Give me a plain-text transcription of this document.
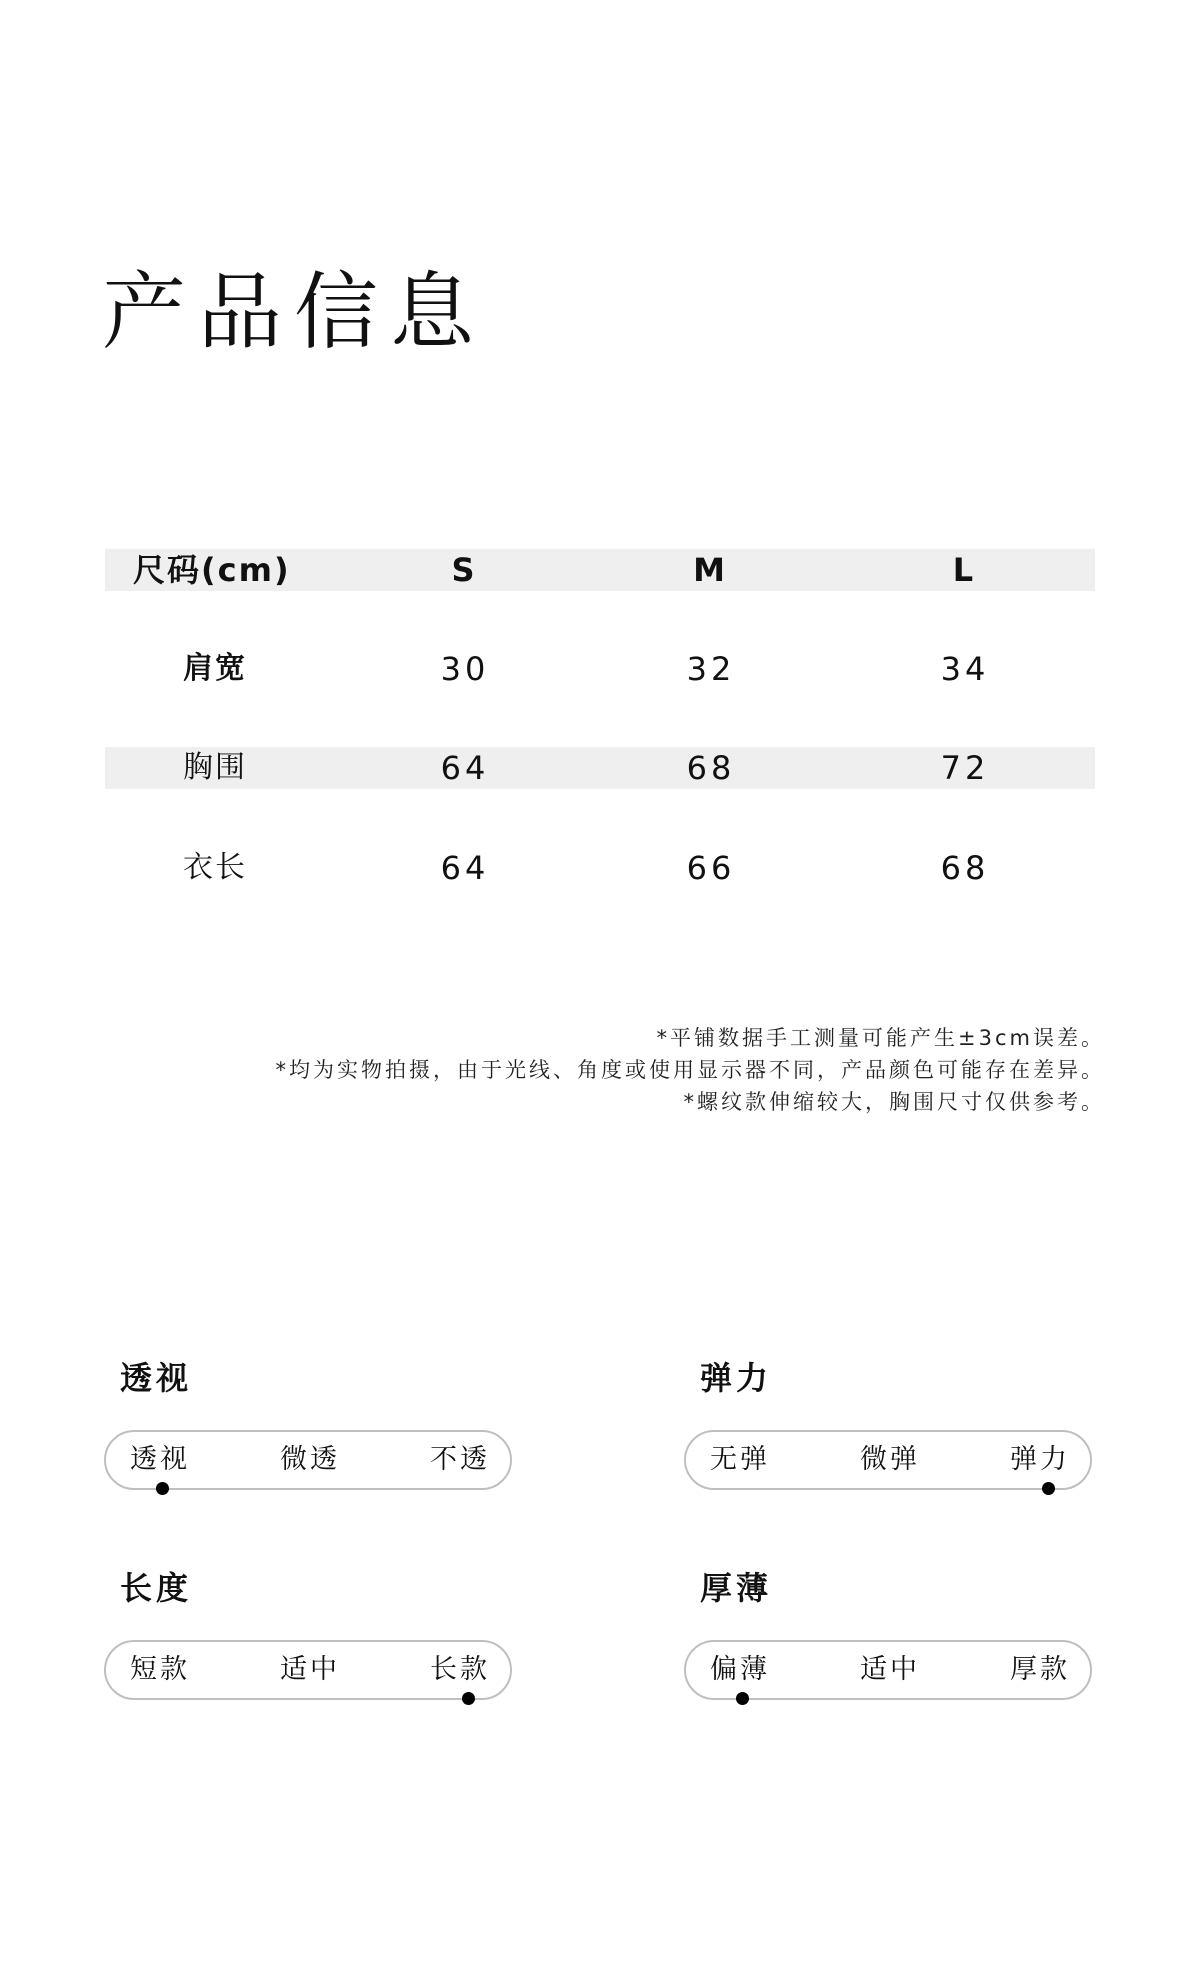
产品信息
尺码(cm)	S	M	L
肩宽	30	32	34
胸围	64	68	72
衣长	64	66	68
*平铺数据手工测量可能产生±3cm误差。
*均为实物拍摄，由于光线、角度或使用显示器不同，产品颜色可能存在差异。
*螺纹款伸缩较大，胸围尺寸仅供参考。
透视
透视	微透	不透
弹力
无弹	微弹	弹力
长度
短款	适中	长款
厚薄
偏薄	适中	厚款
